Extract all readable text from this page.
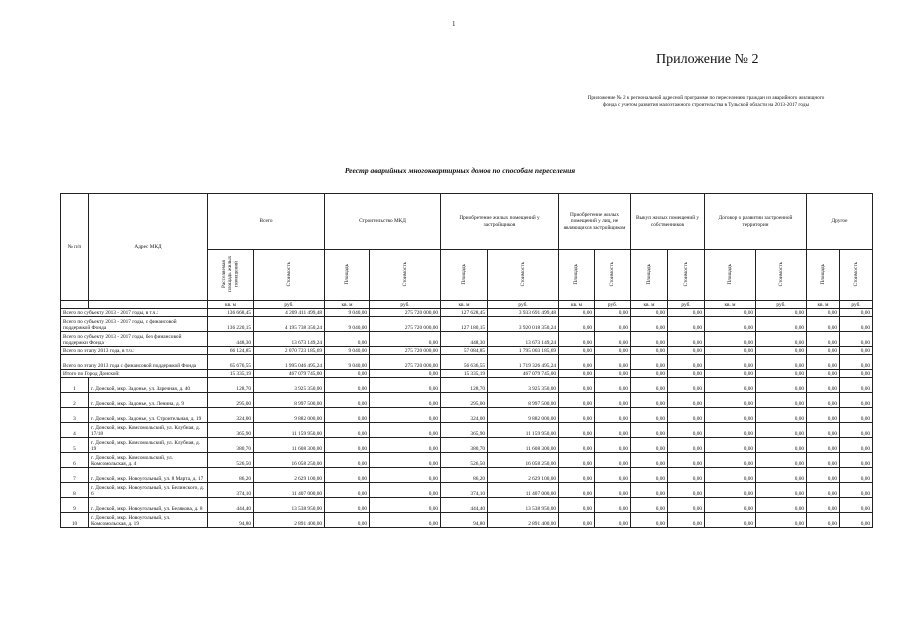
1
Приложение № 2
Приложение № 2 к региональной адресной программе по переселению граждан из аварийного жилищного фонда с учетом развития малоэтажного строительства в Тульской области на 2013-2017 годы
Реестр аварийных многоквартирных домов по способам переселения
№ п/п	Адрес МКД	Всего		Строительство МКД		Приобретение жилых помещений у застройщиков		Приобретение жилых помещений у лиц, не являющихся застройщиком		Выкуп жилых помещений у собственников		Договор о развитии застроенной территории		Другое	
		Расселяемая площадь жилых помещений	Стоимость	Площадь	Стоимость	Площадь	Стоимость	Площадь	Стоимость	Площадь	Стоимость	Площадь	Стоимость	Площадь	Стоимость
		кв. м	руб.	кв. м	руб.	кв. м	руб.	кв. м	руб.	кв. м	руб.	кв. м	руб.	кв. м	руб.
Всего по субъекту 2013 - 2017 годы, в т.ч.:		136 668,45	4 209 411 499,48	9 040,00	275 720 000,00	127 628,45	3 933 691 499,48	0,00	0,00	0,00	0,00	0,00	0,00	0,00	0,00
Всего по субъекту 2013 - 2017 годы, с финансовой поддержкой Фонда		136 220,15	4 195 738 350,24	9 040,00	275 720 000,00	127 180,15	3 920 018 350,24	0,00	0,00	0,00	0,00	0,00	0,00	0,00	0,00
Всего по субъекту 2013 - 2017 годы, без финансовой поддержки Фонда		448,30	13 673 149,24	0,00	0,00	448,30	13 673 149,24	0,00	0,00	0,00	0,00	0,00	0,00	0,00	0,00
Всего по этапу 2013 года, в т.ч.:		66 124,85	2 070 723 185,69	9 040,00	275 720 000,00	57 084,85	1 795 003 185,69	0,00	0,00	0,00	0,00	0,00	0,00	0,00	0,00
Всего по этапу 2013 года с финансовой поддержкой Фонда		65 676,55	1 995 046 495,24	9 040,00	275 720 000,00	56 636,55	1 719 326 495,24	0,00	0,00	0,00	0,00	0,00	0,00	0,00	0,00
Итого по Город Донской:		15 335,19	467 079 745,00	0,00	0,00	15 335,19	467 079 745,00	0,00	0,00	0,00	0,00	0,00	0,00	0,00	0,00
1	г. Донской, мкр. Задонье, ул. Заречная, д. 40	128,70	3 925 350,00	0,00	0,00	128,70	3 925 350,00	0,00	0,00	0,00	0,00	0,00	0,00	0,00	0,00
2	г. Донской, мкр. Задонье, ул. Ленина, д. 9	295,00	8 997 500,00	0,00	0,00	295,00	8 997 500,00	0,00	0,00	0,00	0,00	0,00	0,00	0,00	0,00
3	г. Донской, мкр. Задонье, ул. Строительная, д. 19	324,00	9 882 000,00	0,00	0,00	324,00	9 882 000,00	0,00	0,00	0,00	0,00	0,00	0,00	0,00	0,00
4	г. Донской, мкр. Комсомольский, ул. Клубная, д. 17/18	365,90	11 159 950,00	0,00	0,00	365,90	11 159 950,00	0,00	0,00	0,00	0,00	0,00	0,00	0,00	0,00
5	г. Донской, мкр. Комсомольский, ул. Клубная, д. 19	380,70	11 608 300,00	0,00	0,00	380,70	11 608 300,00	0,00	0,00	0,00	0,00	0,00	0,00	0,00	0,00
6	г. Донской, мкр. Комсомольский, ул. Комсомольская, д. 4	526,50	16 058 250,00	0,00	0,00	526,50	16 058 250,00	0,00	0,00	0,00	0,00	0,00	0,00	0,00	0,00
7	г. Донской, мкр. Новоугольный, ул. 8 Марта, д. 17	86,20	2 629 100,00	0,00	0,00	86,20	2 629 100,00	0,00	0,00	0,00	0,00	0,00	0,00	0,00	0,00
8	г. Донской, мкр. Новоугольный, ул. Белинского, д. 6	374,10	11 407 000,00	0,00	0,00	374,10	11 407 000,00	0,00	0,00	0,00	0,00	0,00	0,00	0,00	0,00
9	г. Донской, мкр. Новоугольный, ул. Белякова, д. 8	444,40	13 538 950,00	0,00	0,00	444,40	13 538 950,00	0,00	0,00	0,00	0,00	0,00	0,00	0,00	0,00
10	г. Донской, мкр. Новоугольный, ул. Комсомольская, д. 19	94,80	2 891 400,00	0,00	0,00	94,80	2 891 400,00	0,00	0,00	0,00	0,00	0,00	0,00	0,00	0,00
